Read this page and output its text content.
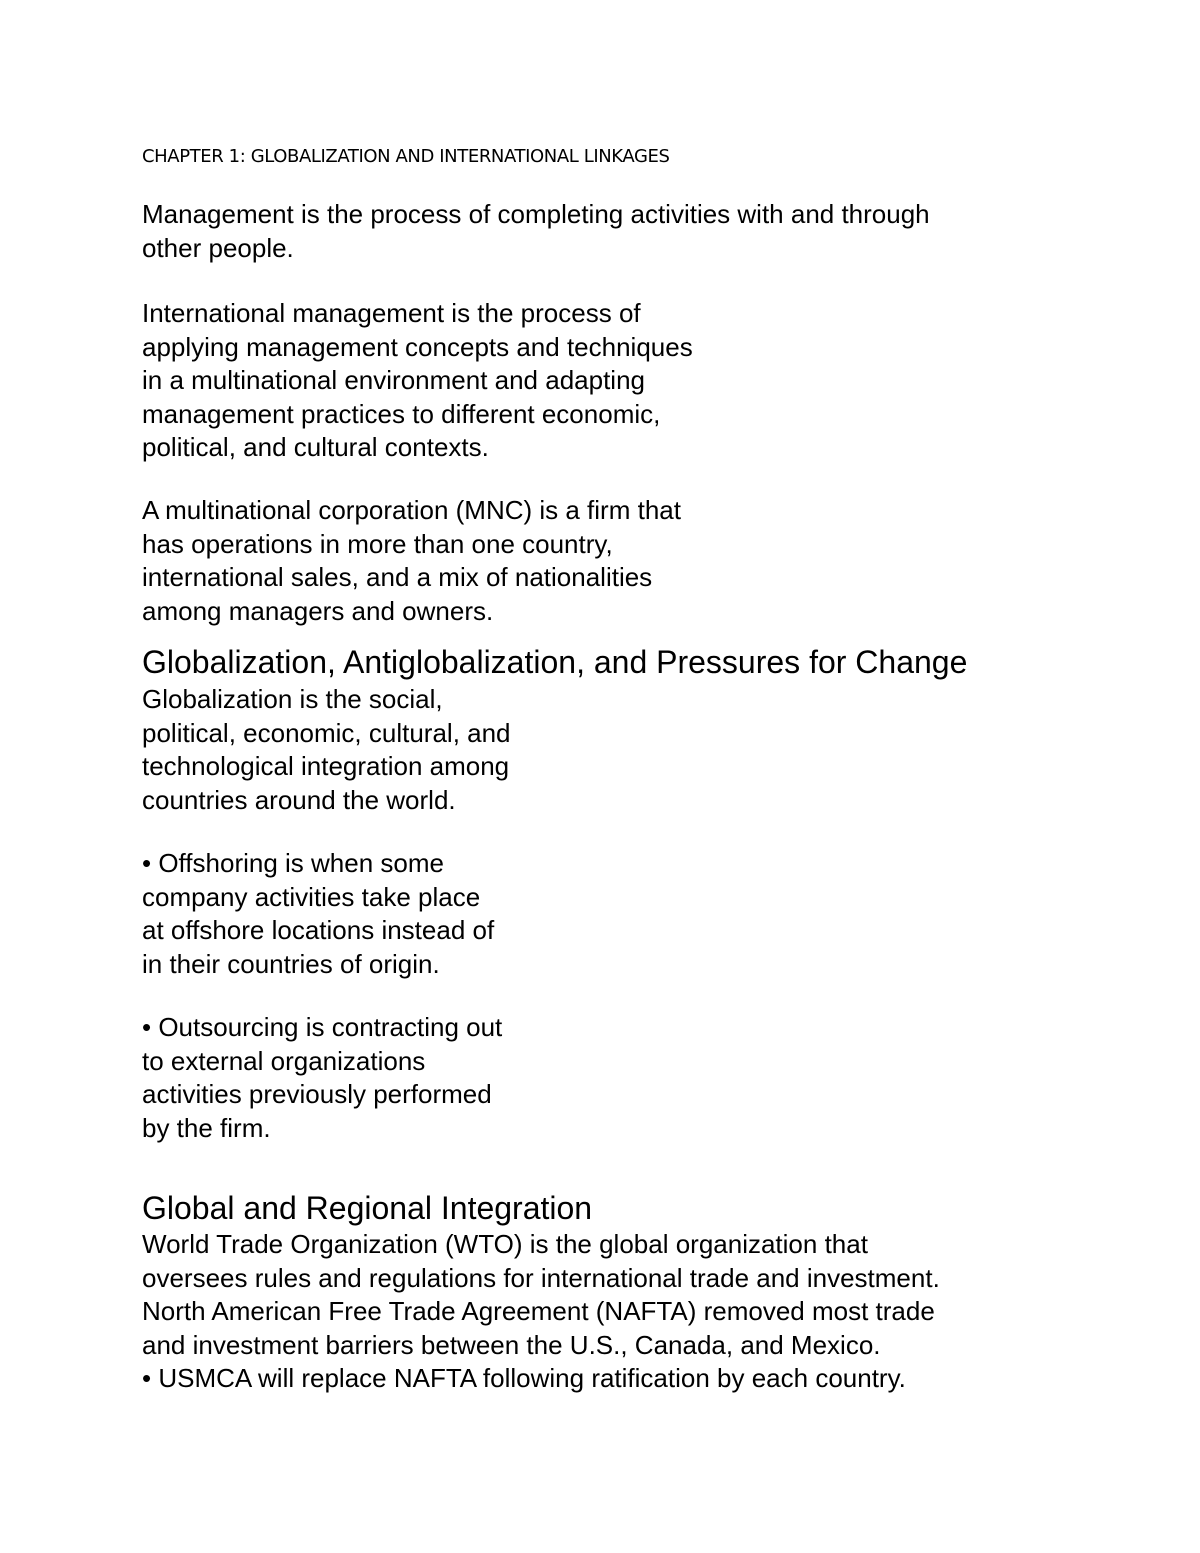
CHAPTER 1: GLOBALIZATION AND INTERNATIONAL LINKAGES

Management is the process of completing activities with and through
other people.

International management is the process of
applying management concepts and techniques
in a multinational environment and adapting
management practices to different economic,
political, and cultural contexts.

A multinational corporation (MNC) is a firm that
has operations in more than one country,
international sales, and a mix of nationalities
among managers and owners.

Globalization, Antiglobalization, and Pressures for Change

Globalization is the social,
political, economic, cultural, and
technological integration among
countries around the world.

• Offshoring is when some
company activities take place
at offshore locations instead of
in their countries of origin.

• Outsourcing is contracting out
to external organizations
activities previously performed
by the firm.

Global and Regional Integration

World Trade Organization (WTO) is the global organization that
oversees rules and regulations for international trade and investment.
North American Free Trade Agreement (NAFTA) removed most trade
and investment barriers between the U.S., Canada, and Mexico.
• USMCA will replace NAFTA following ratification by each country.
